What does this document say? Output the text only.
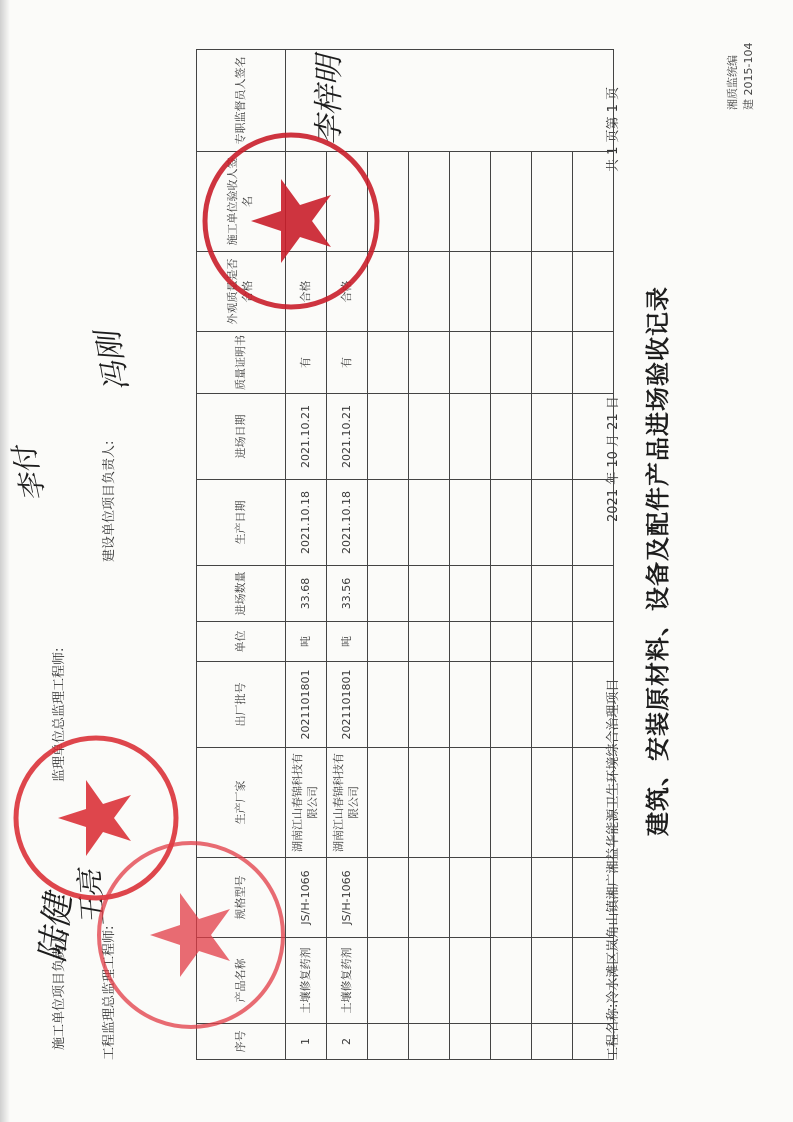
湘质监统编 建 2015-104
建筑、安装原材料、设备及配件产品进场验收记录
工程名称:冷水滩区岚角山镇湘广湘益华能源卫生环境综合治理项目
2021 年 10 月 21 日
共 1 页第 1 页
序号	产品名称	规格型号	生产厂家	出厂批号	单位	进场数量	生产日期	进场日期	质量证明书	外观质量是否合格	施工单位验收人签名	专职监督员人签名
1	土壤修复药剂	JS/H-1066	湖南江山春锦科技有限公司	2021101801	吨	33.68	2021.10.18	2021.10.21	有	合格		李梓明
2	土壤修复药剂	JS/H-1066	湖南江山春锦科技有限公司	2021101801	吨	33.56	2021.10.18	2021.10.21	有	合格		

施工单位项目负责人:
监理单位总监理工程师:
工程监理总监理工程师:
建设单位项目负责人:
陆健
李付
王亮
冯刚
